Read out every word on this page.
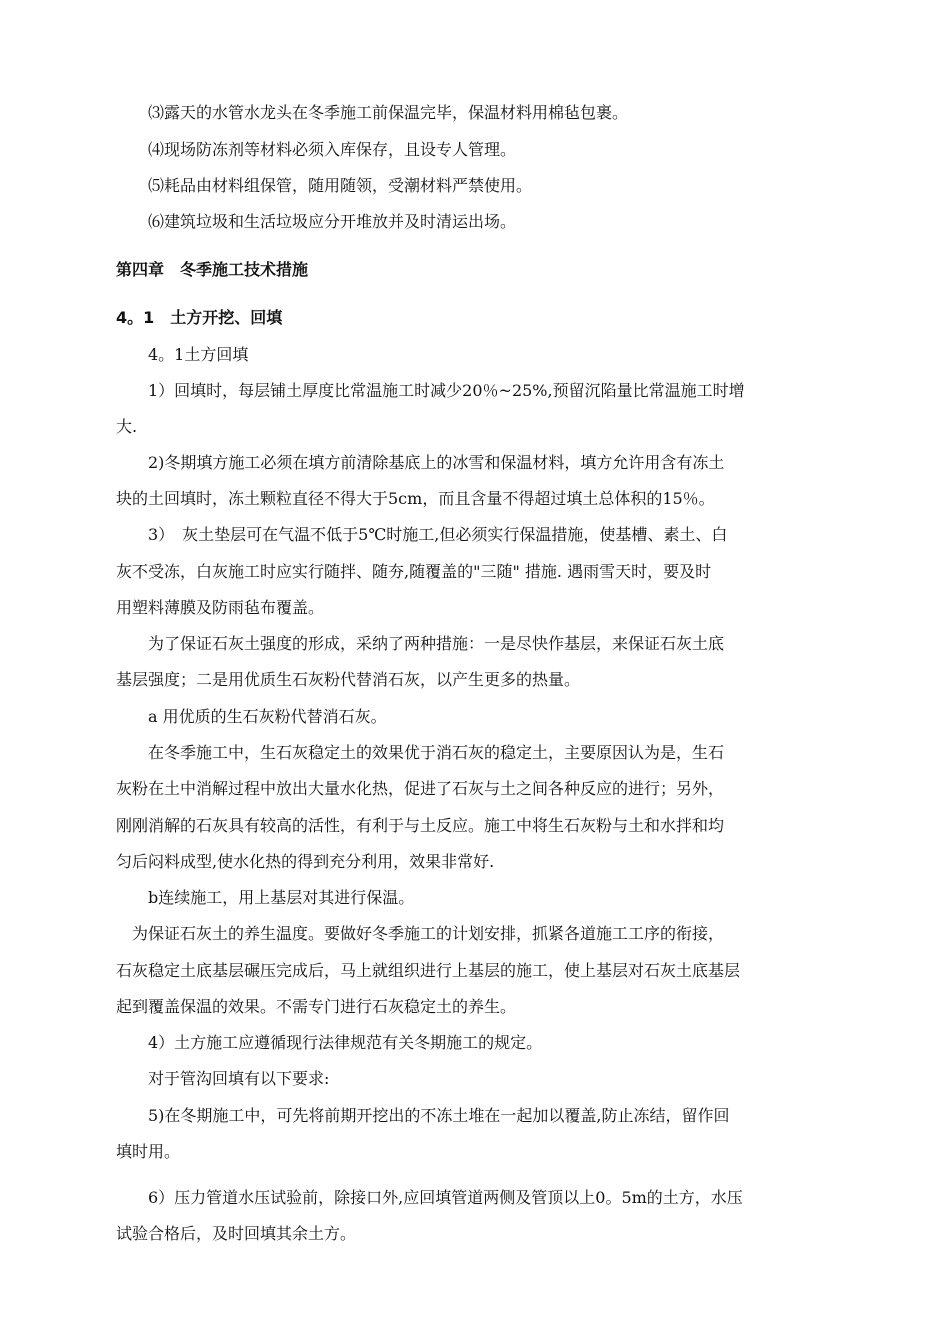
⑶露天的水管水龙头在冬季施工前保温完毕，保温材料用棉毡包裹。
⑷现场防冻剂等材料必须入库保存，且设专人管理。
⑸耗品由材料组保管，随用随领，受潮材料严禁使用。
⑹建筑垃圾和生活垃圾应分开堆放并及时清运出场。
第四章　冬季施工技术措施
4。1　土方开挖、回填
4。1土方回填
1）回填时，每层铺土厚度比常温施工时减少20％~25%,预留沉陷量比常温施工时增
大.
2)冬期填方施工必须在填方前清除基底上的冰雪和保温材料，填方允许用含有冻土
块的土回填时，冻土颗粒直径不得大于5cm，而且含量不得超过填土总体积的15％。
3）　灰土垫层可在气温不低于5℃时施工,但必须实行保温措施，使基槽、素土、白
灰不受冻，白灰施工时应实行随拌、随夯,随覆盖的"三随" 措施. 遇雨雪天时，要及时
用塑料薄膜及防雨毡布覆盖。
为了保证石灰土强度的形成，采纳了两种措施：一是尽快作基层，来保证石灰土底
基层强度；二是用优质生石灰粉代替消石灰，以产生更多的热量。
a 用优质的生石灰粉代替消石灰。
在冬季施工中，生石灰稳定土的效果优于消石灰的稳定土，主要原因认为是，生石
灰粉在土中消解过程中放出大量水化热，促进了石灰与土之间各种反应的进行；另外，
刚刚消解的石灰具有较高的活性，有利于与土反应。施工中将生石灰粉与土和水拌和均
匀后闷料成型,使水化热的得到充分利用，效果非常好.
b连续施工，用上基层对其进行保温。
为保证石灰土的养生温度。要做好冬季施工的计划安排，抓紧各道施工工序的衔接，
石灰稳定土底基层碾压完成后，马上就组织进行上基层的施工，使上基层对石灰土底基层
起到覆盖保温的效果。不需专门进行石灰稳定土的养生。
4）土方施工应遵循现行法律规范有关冬期施工的规定。
对于管沟回填有以下要求:
5)在冬期施工中，可先将前期开挖出的不冻土堆在一起加以覆盖,防止冻结，留作回
填时用。
6）压力管道水压试验前，除接口外,应回填管道两侧及管顶以上0。5m的土方，水压
试验合格后，及时回填其余土方。
